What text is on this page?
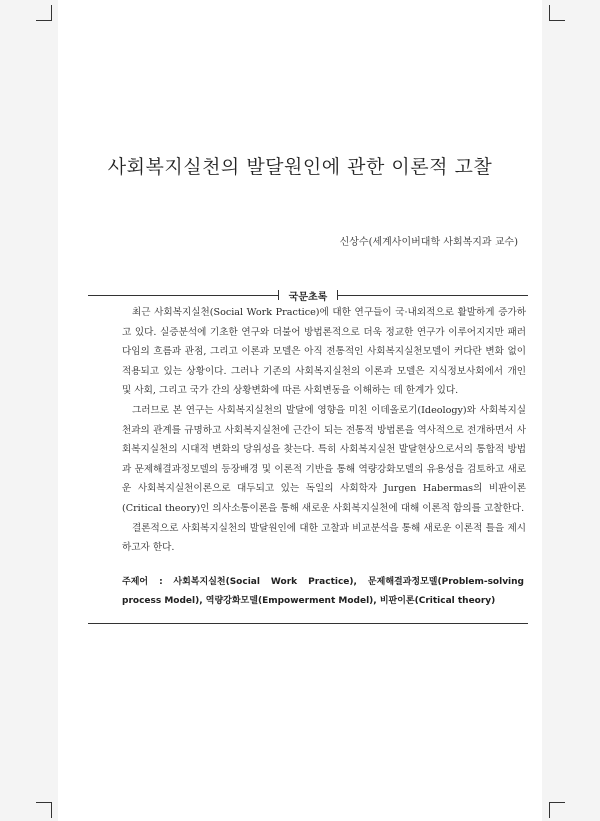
사회복지실천의 발달원인에 관한 이론적 고찰
신상수(세계사이버대학 사회복지과 교수)
국문초록

최근 사회복지실천(Social Work Practice)에 대한 연구들이 국·내외적으로 활발하게 증가하고 있다. 실증분석에 기초한 연구와 더불어 방법론적으로 더욱 정교한 연구가 이루어지지만 패러다임의 흐름과 관점, 그리고 이론과 모델은 아직 전통적인 사회복지실천모델이 커다란 변화 없이 적용되고 있는 상황이다. 그러나 기존의 사회복지실천의 이론과 모델은 지식정보사회에서 개인 및 사회, 그리고 국가 간의 상황변화에 따른 사회변동을 이해하는 데 한계가 있다.

그러므로 본 연구는 사회복지실천의 발달에 영향을 미친 이데올로기(Ideology)와 사회복지실천과의 관계를 규명하고 사회복지실천에 근간이 되는 전통적 방법론을 역사적으로 전개하면서 사회복지실천의 시대적 변화의 당위성을 찾는다. 특히 사회복지실천 발달현상으로서의 통합적 방법과 문제해결과정모델의 등장배경 및 이론적 기반을 통해 역량강화모델의 유용성을 검토하고 새로운 사회복지실천이론으로 대두되고 있는 독일의 사회학자 Jurgen Habermas의 비판이론(Critical theory)인 의사소통이론을 통해 새로운 사회복지실천에 대해 이론적 함의를 고찰한다.

결론적으로 사회복지실천의 발달원인에 대한 고찰과 비교분석을 통해 새로운 이론적 틀을 제시하고자 한다.

주제어 : 사회복지실천(Social Work Practice), 문제해결과정모델(Problem-solving process Model), 역량강화모델(Empowerment Model), 비판이론(Critical theory)
